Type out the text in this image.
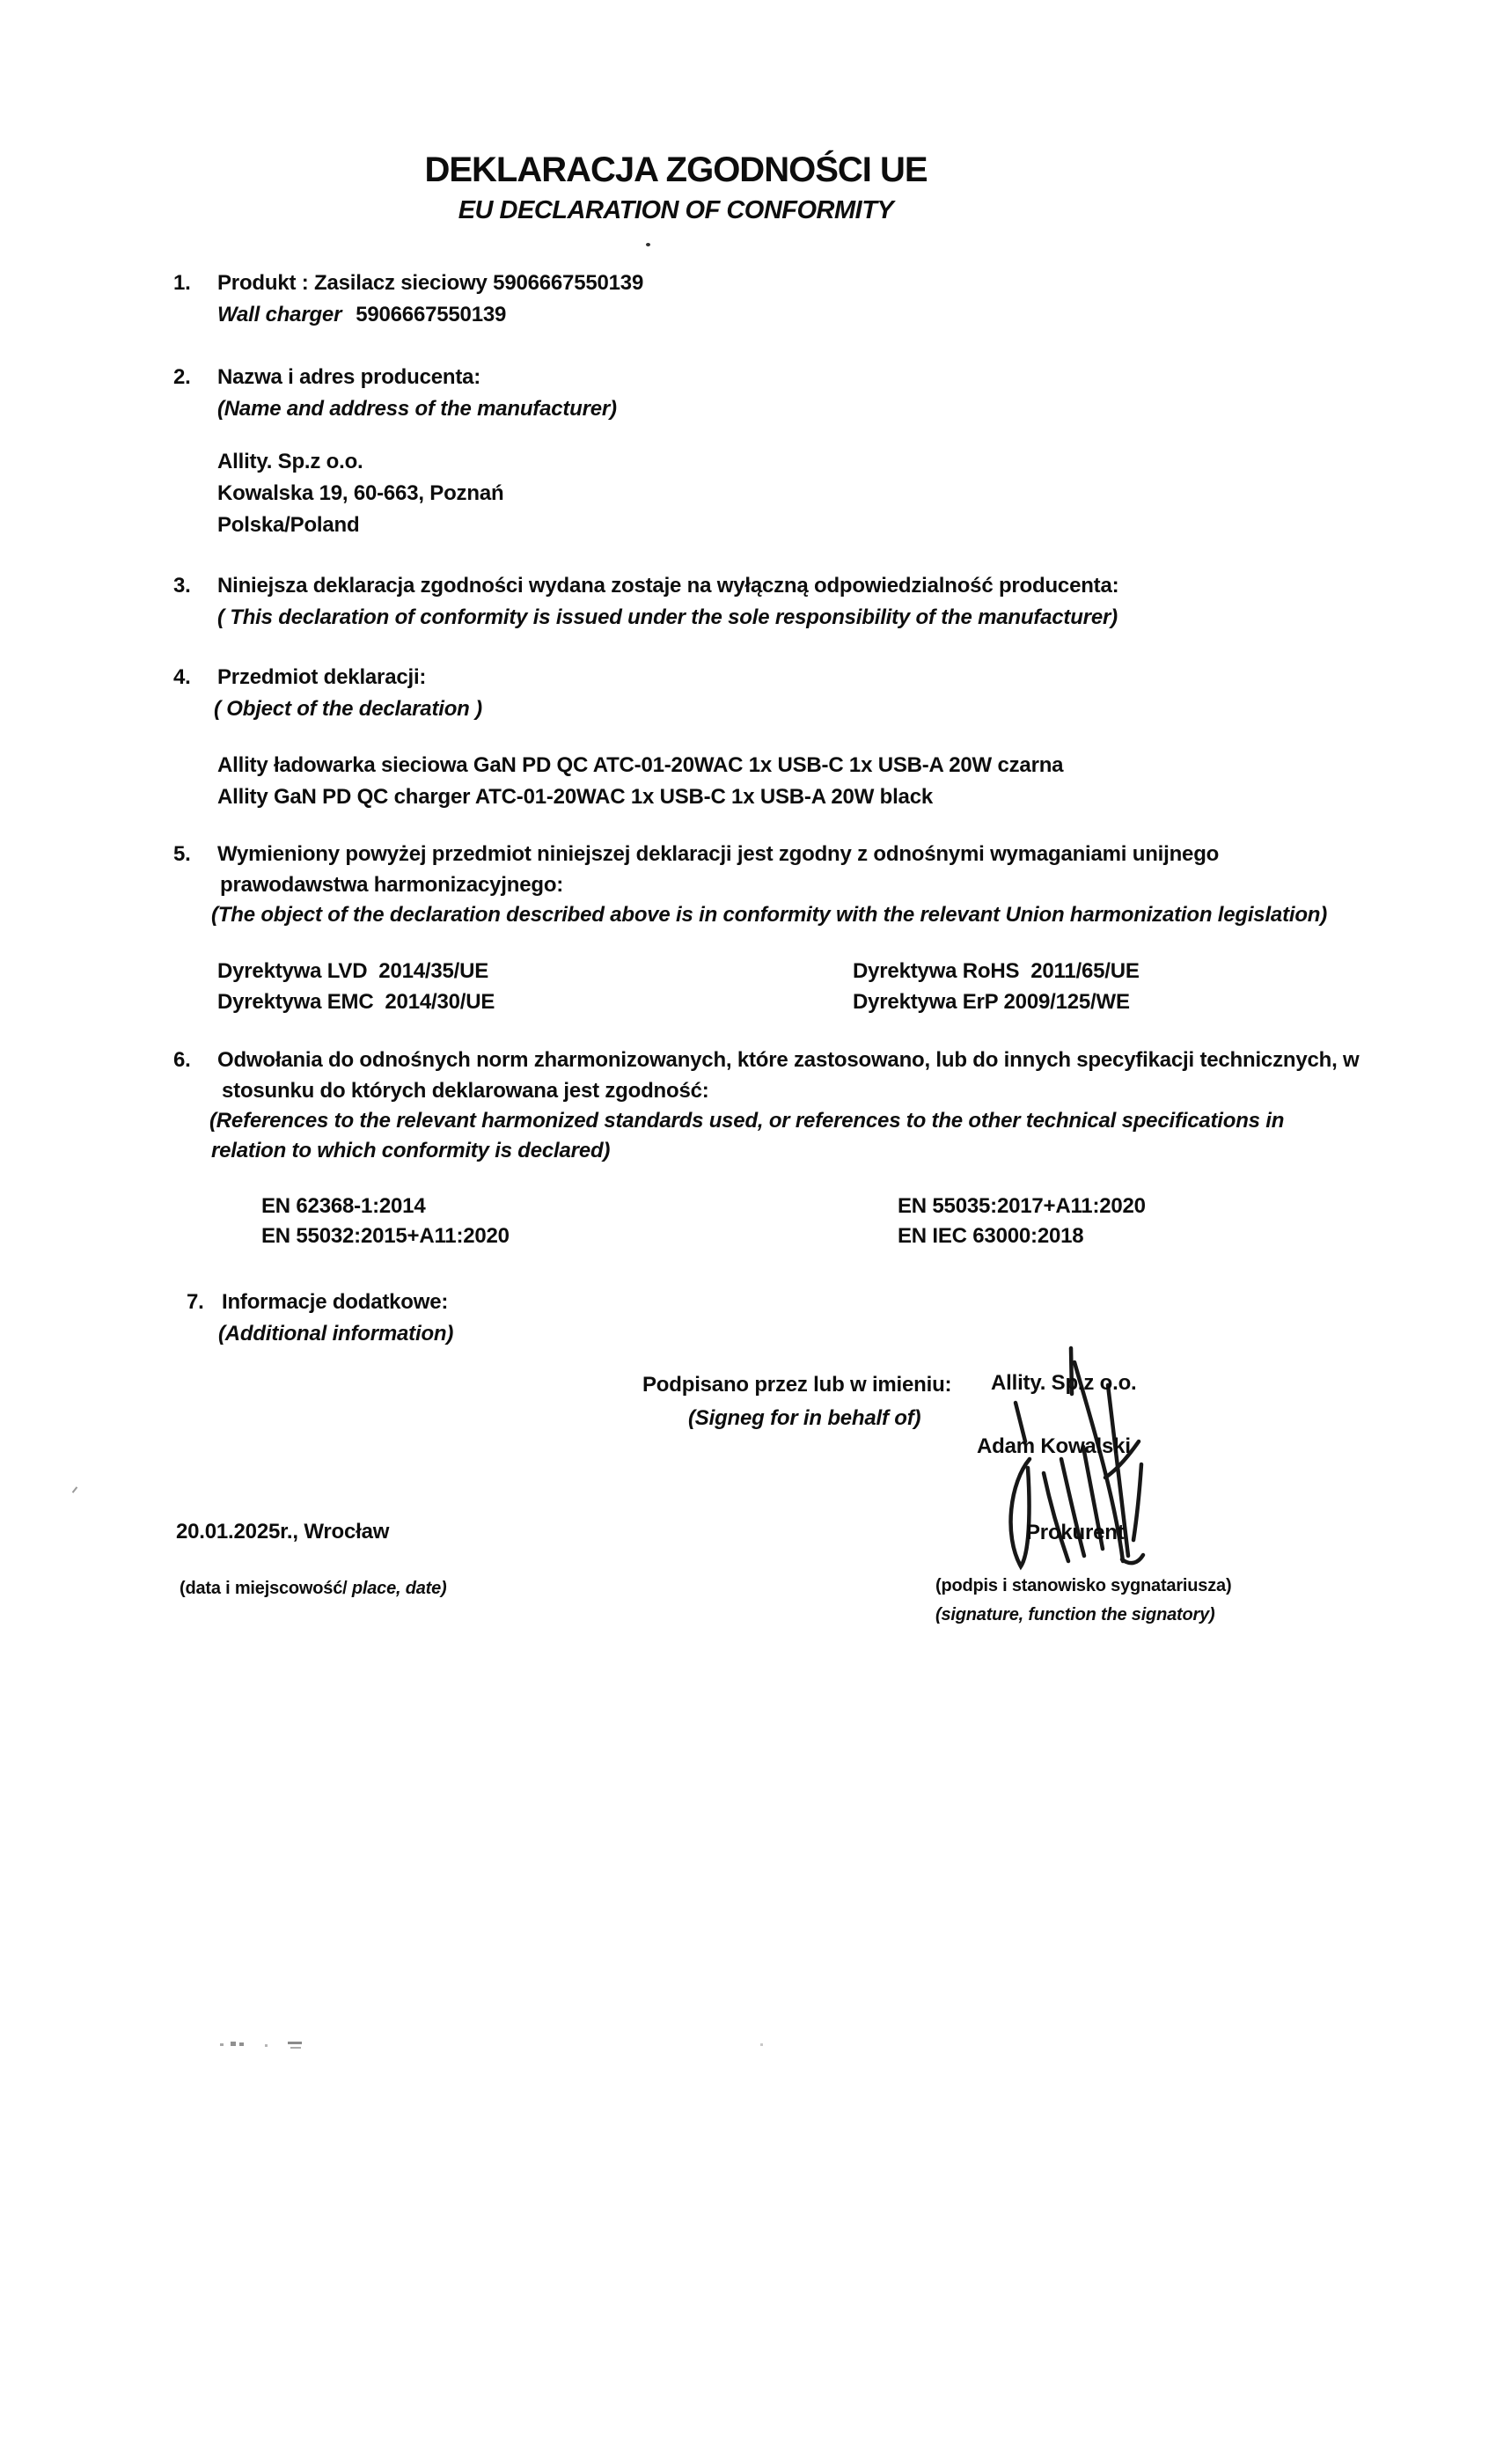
DEKLARACJA ZGODNOŚCI UE
EU DECLARATION OF CONFORMITY
1. Produkt : Zasilacz sieciowy 5906667550139
Wall charger 5906667550139
2. Nazwa i adres producenta:
(Name and address of the manufacturer)
Allity. Sp.z o.o.
Kowalska 19, 60-663, Poznań
Polska/Poland
3. Niniejsza deklaracja zgodności wydana zostaje na wyłączną odpowiedzialność producenta:
( This declaration of conformity is issued under the sole responsibility of the manufacturer)
4. Przedmiot deklaracji:
( Object of the declaration )
Allity ładowarka sieciowa GaN PD QC ATC-01-20WAC 1x USB-C 1x USB-A 20W czarna
Allity GaN PD QC charger ATC-01-20WAC 1x USB-C 1x USB-A 20W black
5. Wymieniony powyżej przedmiot niniejszej deklaracji jest zgodny z odnośnymi wymaganiami unijnego
prawodawstwa harmonizacyjnego:
(The object of the declaration described above is in conformity with the relevant Union harmonization legislation)
Dyrektywa LVD  2014/35/UE	Dyrektywa RoHS  2011/65/UE
Dyrektywa EMC  2014/30/UE	Dyrektywa ErP 2009/125/WE
6. Odwołania do odnośnych norm zharmonizowanych, które zastosowano, lub do innych specyfikacji technicznych, w
stosunku do których deklarowana jest zgodność:
(References to the relevant harmonized standards used, or references to the other technical specifications in
relation to which conformity is declared)
EN 62368-1:2014	EN 55035:2017+A11:2020
EN 55032:2015+A11:2020	EN IEC 63000:2018
7. Informacje dodatkowe:
(Additional information)
Podpisano przez lub w imieniu: Allity. Sp.z o.o.
(Signeg for in behalf of)
Adam Kowalski
20.01.2025r., Wrocław	Prokurent
(data i miejscowość/ place, date)	(podpis i stanowisko sygnatariusza)
(signature, function the signatory)
